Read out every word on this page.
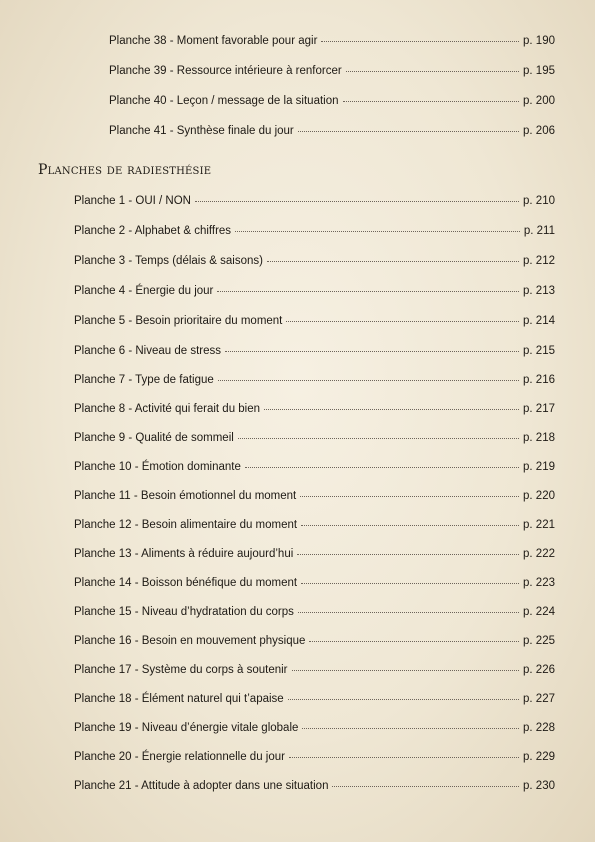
Planche 38 - Moment favorable pour agir	p. 190
Planche 39 - Ressource intérieure à renforcer	p. 195
Planche 40 - Leçon / message de la situation	p. 200
Planche 41 - Synthèse finale du jour	p. 206
Planches de radiesthésie
Planche 1 - OUI / NON	p. 210
Planche 2 - Alphabet & chiffres	p. 211
Planche 3 - Temps (délais & saisons)	p. 212
Planche 4 - Énergie du jour	p. 213
Planche 5 - Besoin prioritaire du moment	p. 214
Planche 6 - Niveau de stress	p. 215
Planche 7 - Type de fatigue	p. 216
Planche 8 - Activité qui ferait du bien	p. 217
Planche 9 - Qualité de sommeil	p. 218
Planche 10 - Émotion dominante	p. 219
Planche 11 - Besoin émotionnel du moment	p. 220
Planche 12 - Besoin alimentaire du moment	p. 221
Planche 13 - Aliments à réduire aujourd’hui	p. 222
Planche 14 - Boisson bénéfique du moment	p. 223
Planche 15 - Niveau d’hydratation du corps	p. 224
Planche 16 - Besoin en mouvement physique	p. 225
Planche 17 - Système du corps à soutenir	p. 226
Planche 18 - Élément naturel qui t’apaise	p. 227
Planche 19 - Niveau d’énergie vitale globale	p. 228
Planche 20 - Énergie relationnelle du jour	p. 229
Planche 21 - Attitude à adopter dans une situation	p. 230
